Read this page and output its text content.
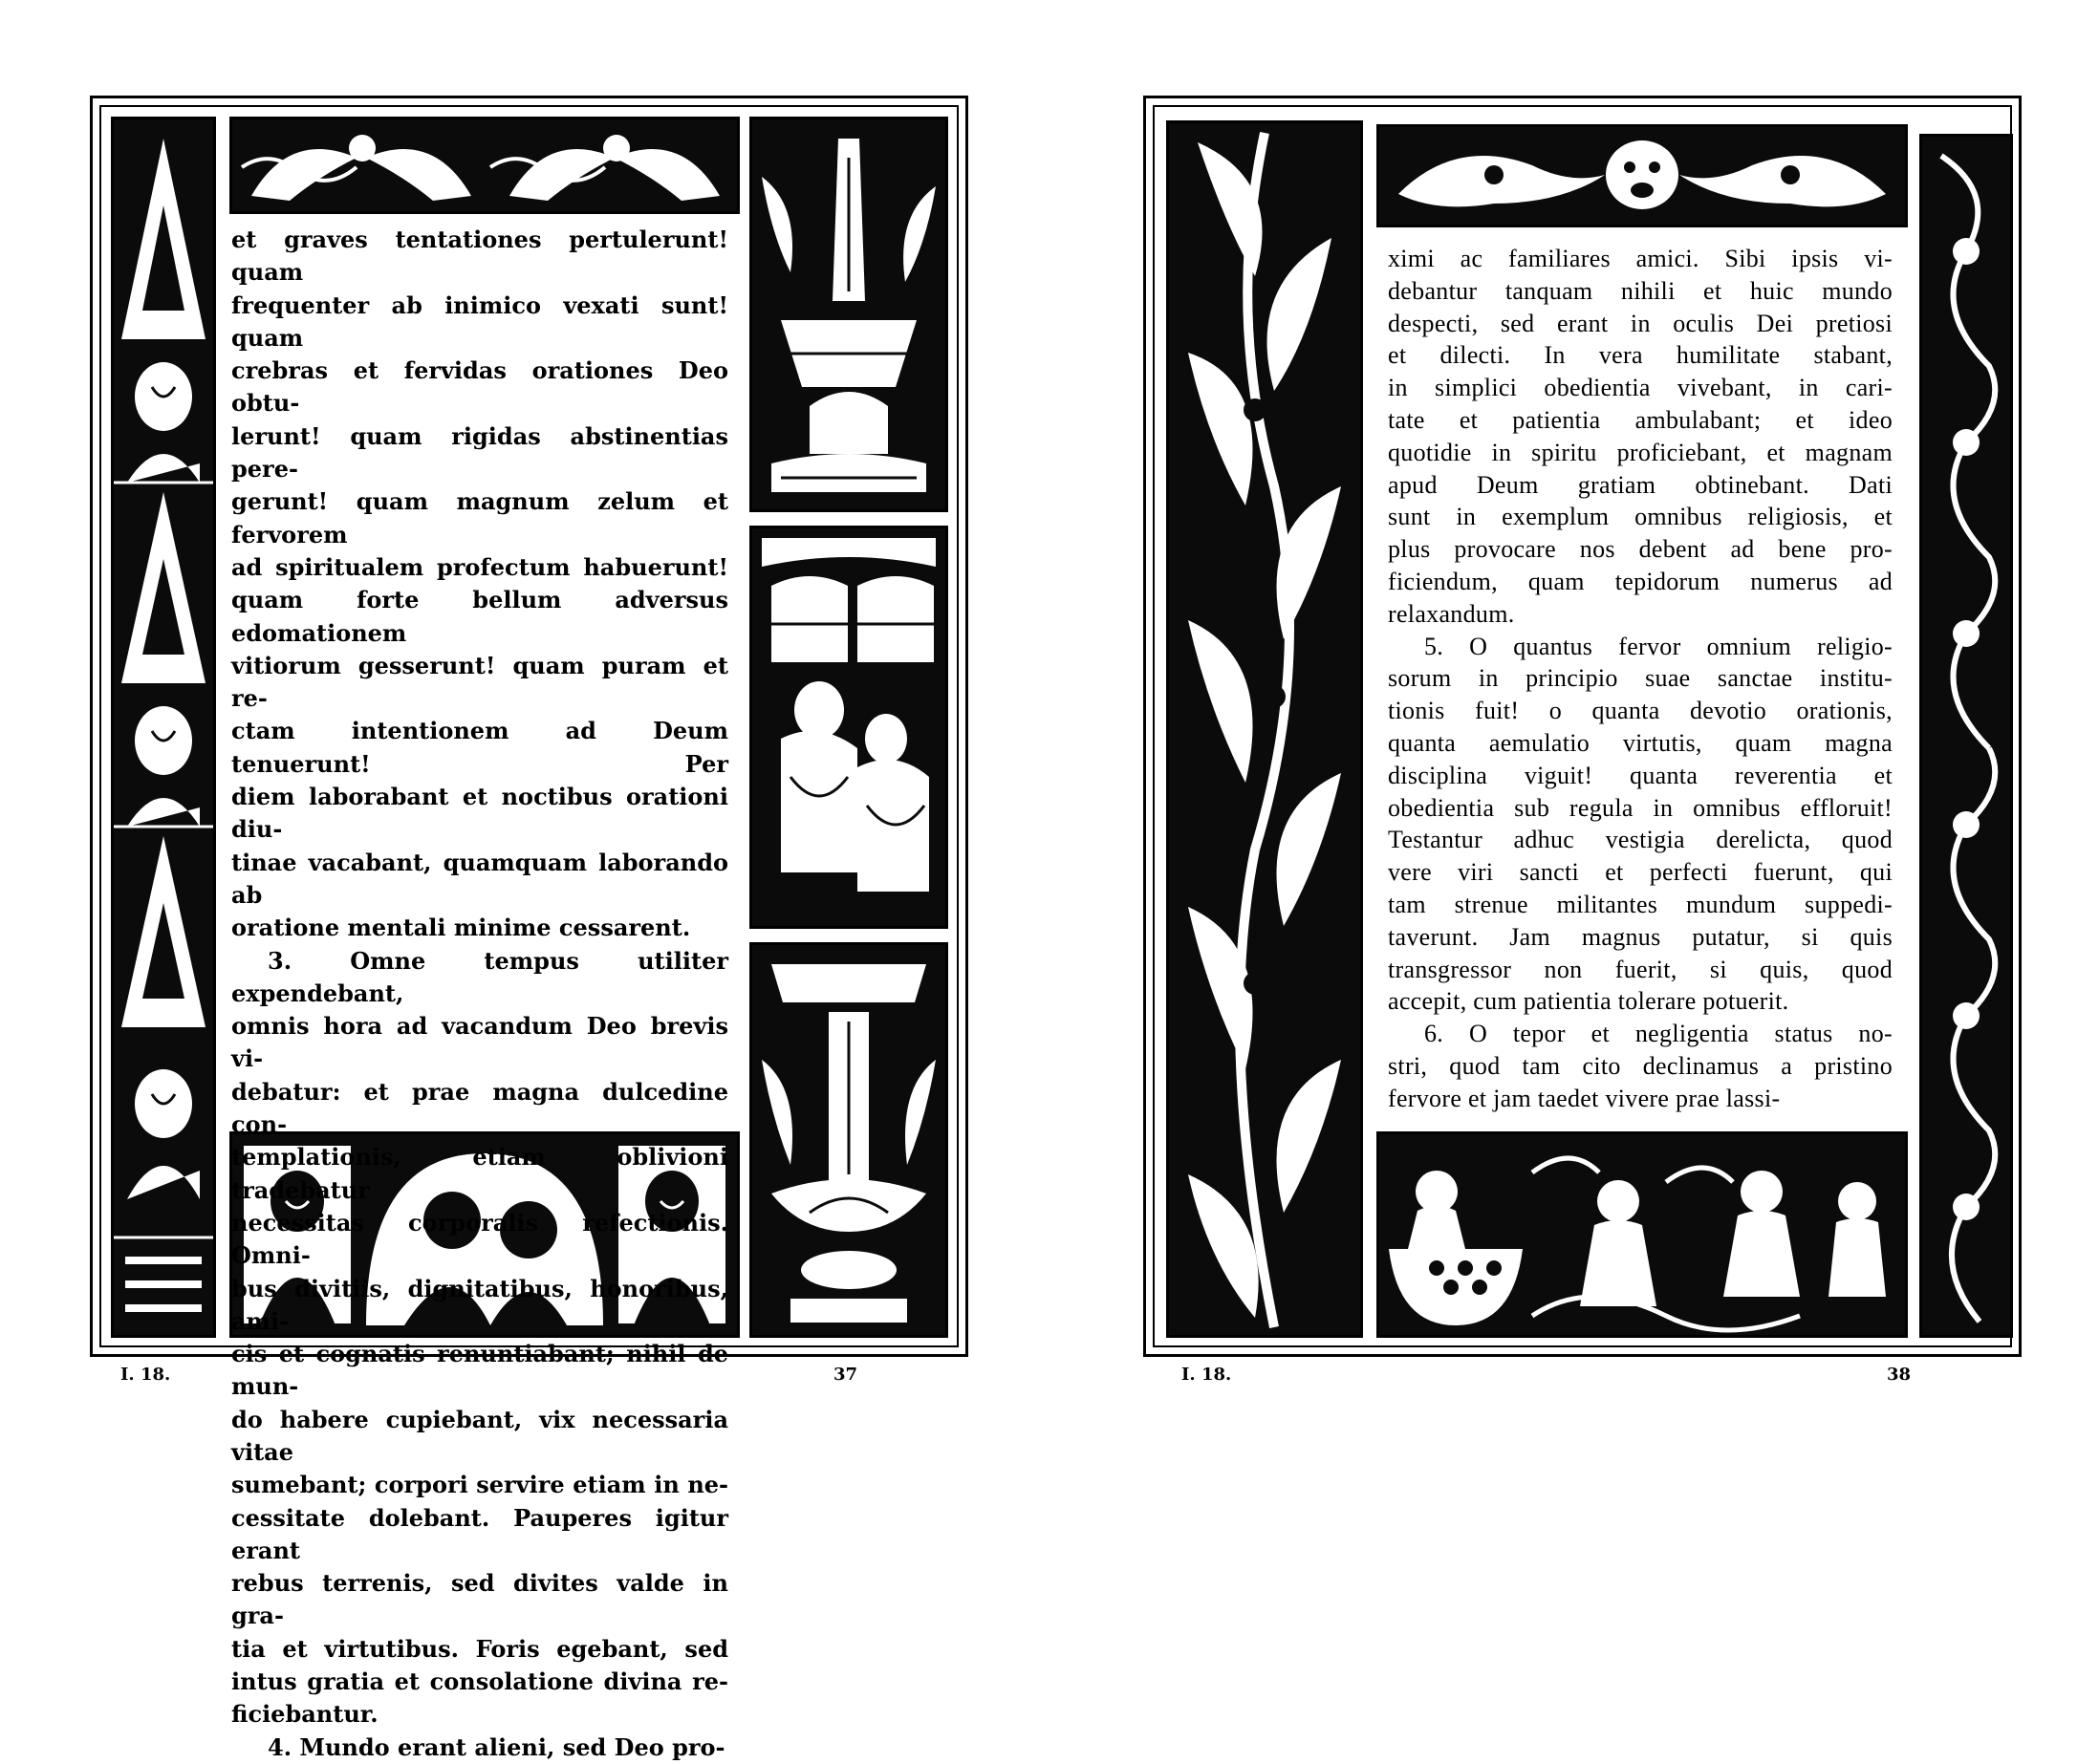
et graves tentationes pertulerunt! quam

frequenter ab inimico vexati sunt! quam

crebras et fervidas orationes Deo obtu-

lerunt! quam rigidas abstinentias pere-

gerunt! quam magnum zelum et fervorem

ad spiritualem profectum habuerunt!

quam forte bellum adversus edomationem

vitiorum gesserunt! quam puram et re-

ctam intentionem ad Deum tenuerunt! Per

diem laborabant et noctibus orationi diu-

tinae vacabant, quamquam laborando ab

oratione mentali minime cessarent.

3. Omne tempus utiliter expendebant,

omnis hora ad vacandum Deo brevis vi-

debatur: et prae magna dulcedine con-

templationis, etiam oblivioni tradebatur

necessitas corporalis refectionis. Omni-

bus divitiis, dignitatibus, honoribus, ami-

cis et cognatis renuntiabant; nihil de mun-

do habere cupiebant, vix necessaria vitae

sumebant; corpori servire etiam in ne-

cessitate dolebant. Pauperes igitur erant

rebus terrenis, sed divites valde in gra-

tia et virtutibus. Foris egebant, sed

intus gratia et consolatione divina re-

ficiebantur.

4. Mundo erant alieni, sed Deo pro-

I. 18.	37

ximi ac familiares amici. Sibi ipsis vi-

debantur tanquam nihili et huic mundo

despecti, sed erant in oculis Dei pretiosi

et dilecti. In vera humilitate stabant,

in simplici obedientia vivebant, in cari-

tate et patientia ambulabant; et ideo

quotidie in spiritu proficiebant, et magnam

apud Deum gratiam obtinebant. Dati

sunt in exemplum omnibus religiosis, et

plus provocare nos debent ad bene pro-

ficiendum, quam tepidorum numerus ad

relaxandum.

5. O quantus fervor omnium religio-

sorum in principio suae sanctae institu-

tionis fuit! o quanta devotio orationis,

quanta aemulatio virtutis, quam magna

disciplina viguit! quanta reverentia et

obedientia sub regula in omnibus effloruit!

Testantur adhuc vestigia derelicta, quod

vere viri sancti et perfecti fuerunt, qui

tam strenue militantes mundum suppedi-

taverunt. Jam magnus putatur, si quis

transgressor non fuerit, si quis, quod

accepit, cum patientia tolerare potuerit.

6. O tepor et negligentia status no-

stri, quod tam cito declinamus a pristino

fervore et jam taedet vivere prae lassi-

I. 18.	38
